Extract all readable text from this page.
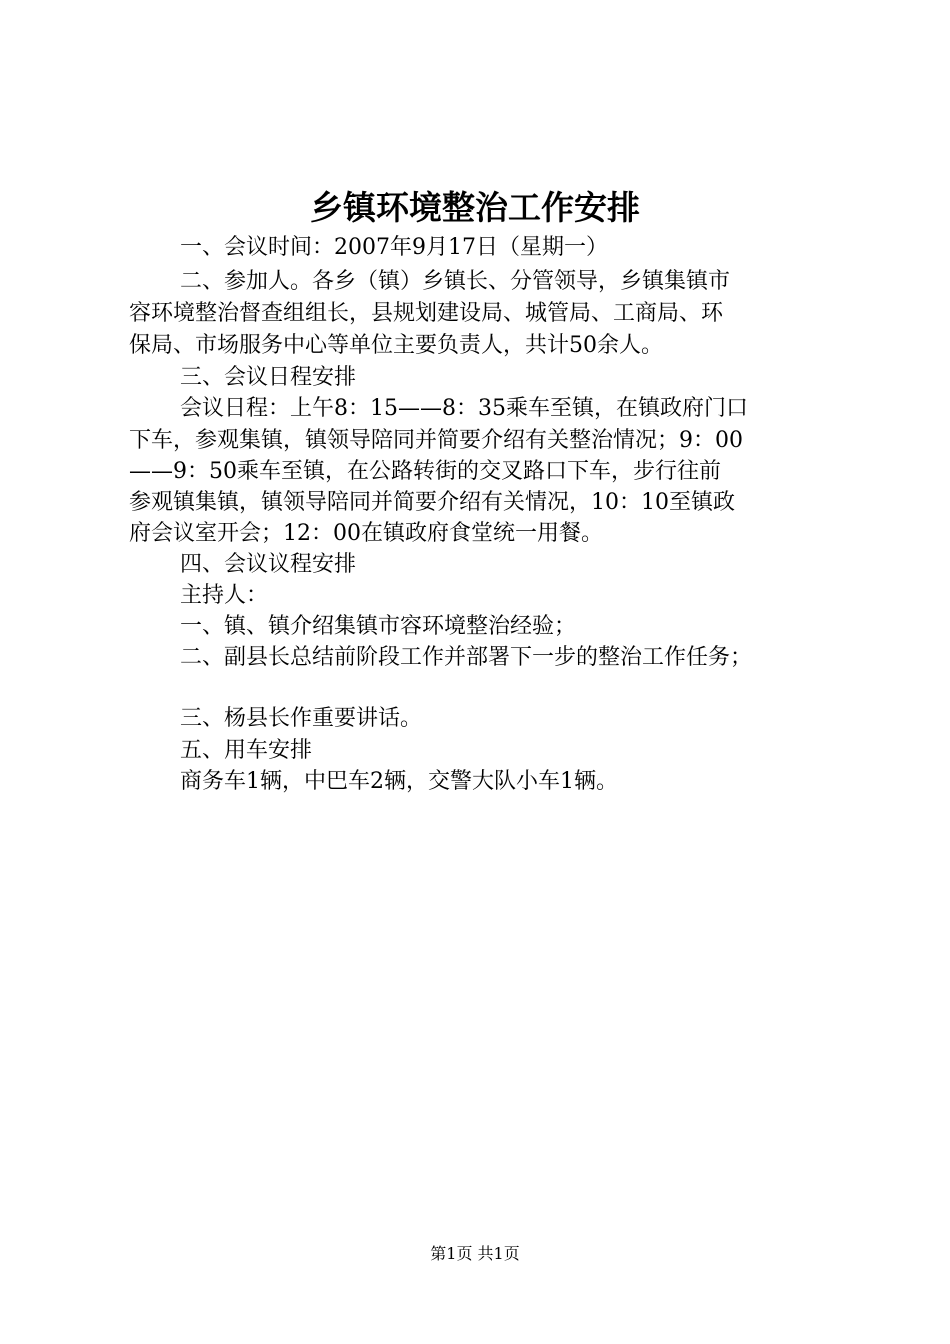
乡镇环境整治工作安排
一、会议时间：2007年9月17日（星期一）
二、参加人。各乡（镇）乡镇长、分管领导，乡镇集镇市
容环境整治督查组组长，县规划建设局、城管局、工商局、环
保局、市场服务中心等单位主要负责人，共计50余人。
三、会议日程安排
会议日程：上午8：15——8：35乘车至镇，在镇政府门口
下车，参观集镇，镇领导陪同并简要介绍有关整治情况；9：00
——9：50乘车至镇，在公路转街的交叉路口下车，步行往前
参观镇集镇，镇领导陪同并简要介绍有关情况，10：10至镇政
府会议室开会；12：00在镇政府食堂统一用餐。
四、会议议程安排
主持人：
一、镇、镇介绍集镇市容环境整治经验；
二、副县长总结前阶段工作并部署下一步的整治工作任务；
三、杨县长作重要讲话。
五、用车安排
商务车1辆，中巴车2辆，交警大队小车1辆。
第1页 共1页
